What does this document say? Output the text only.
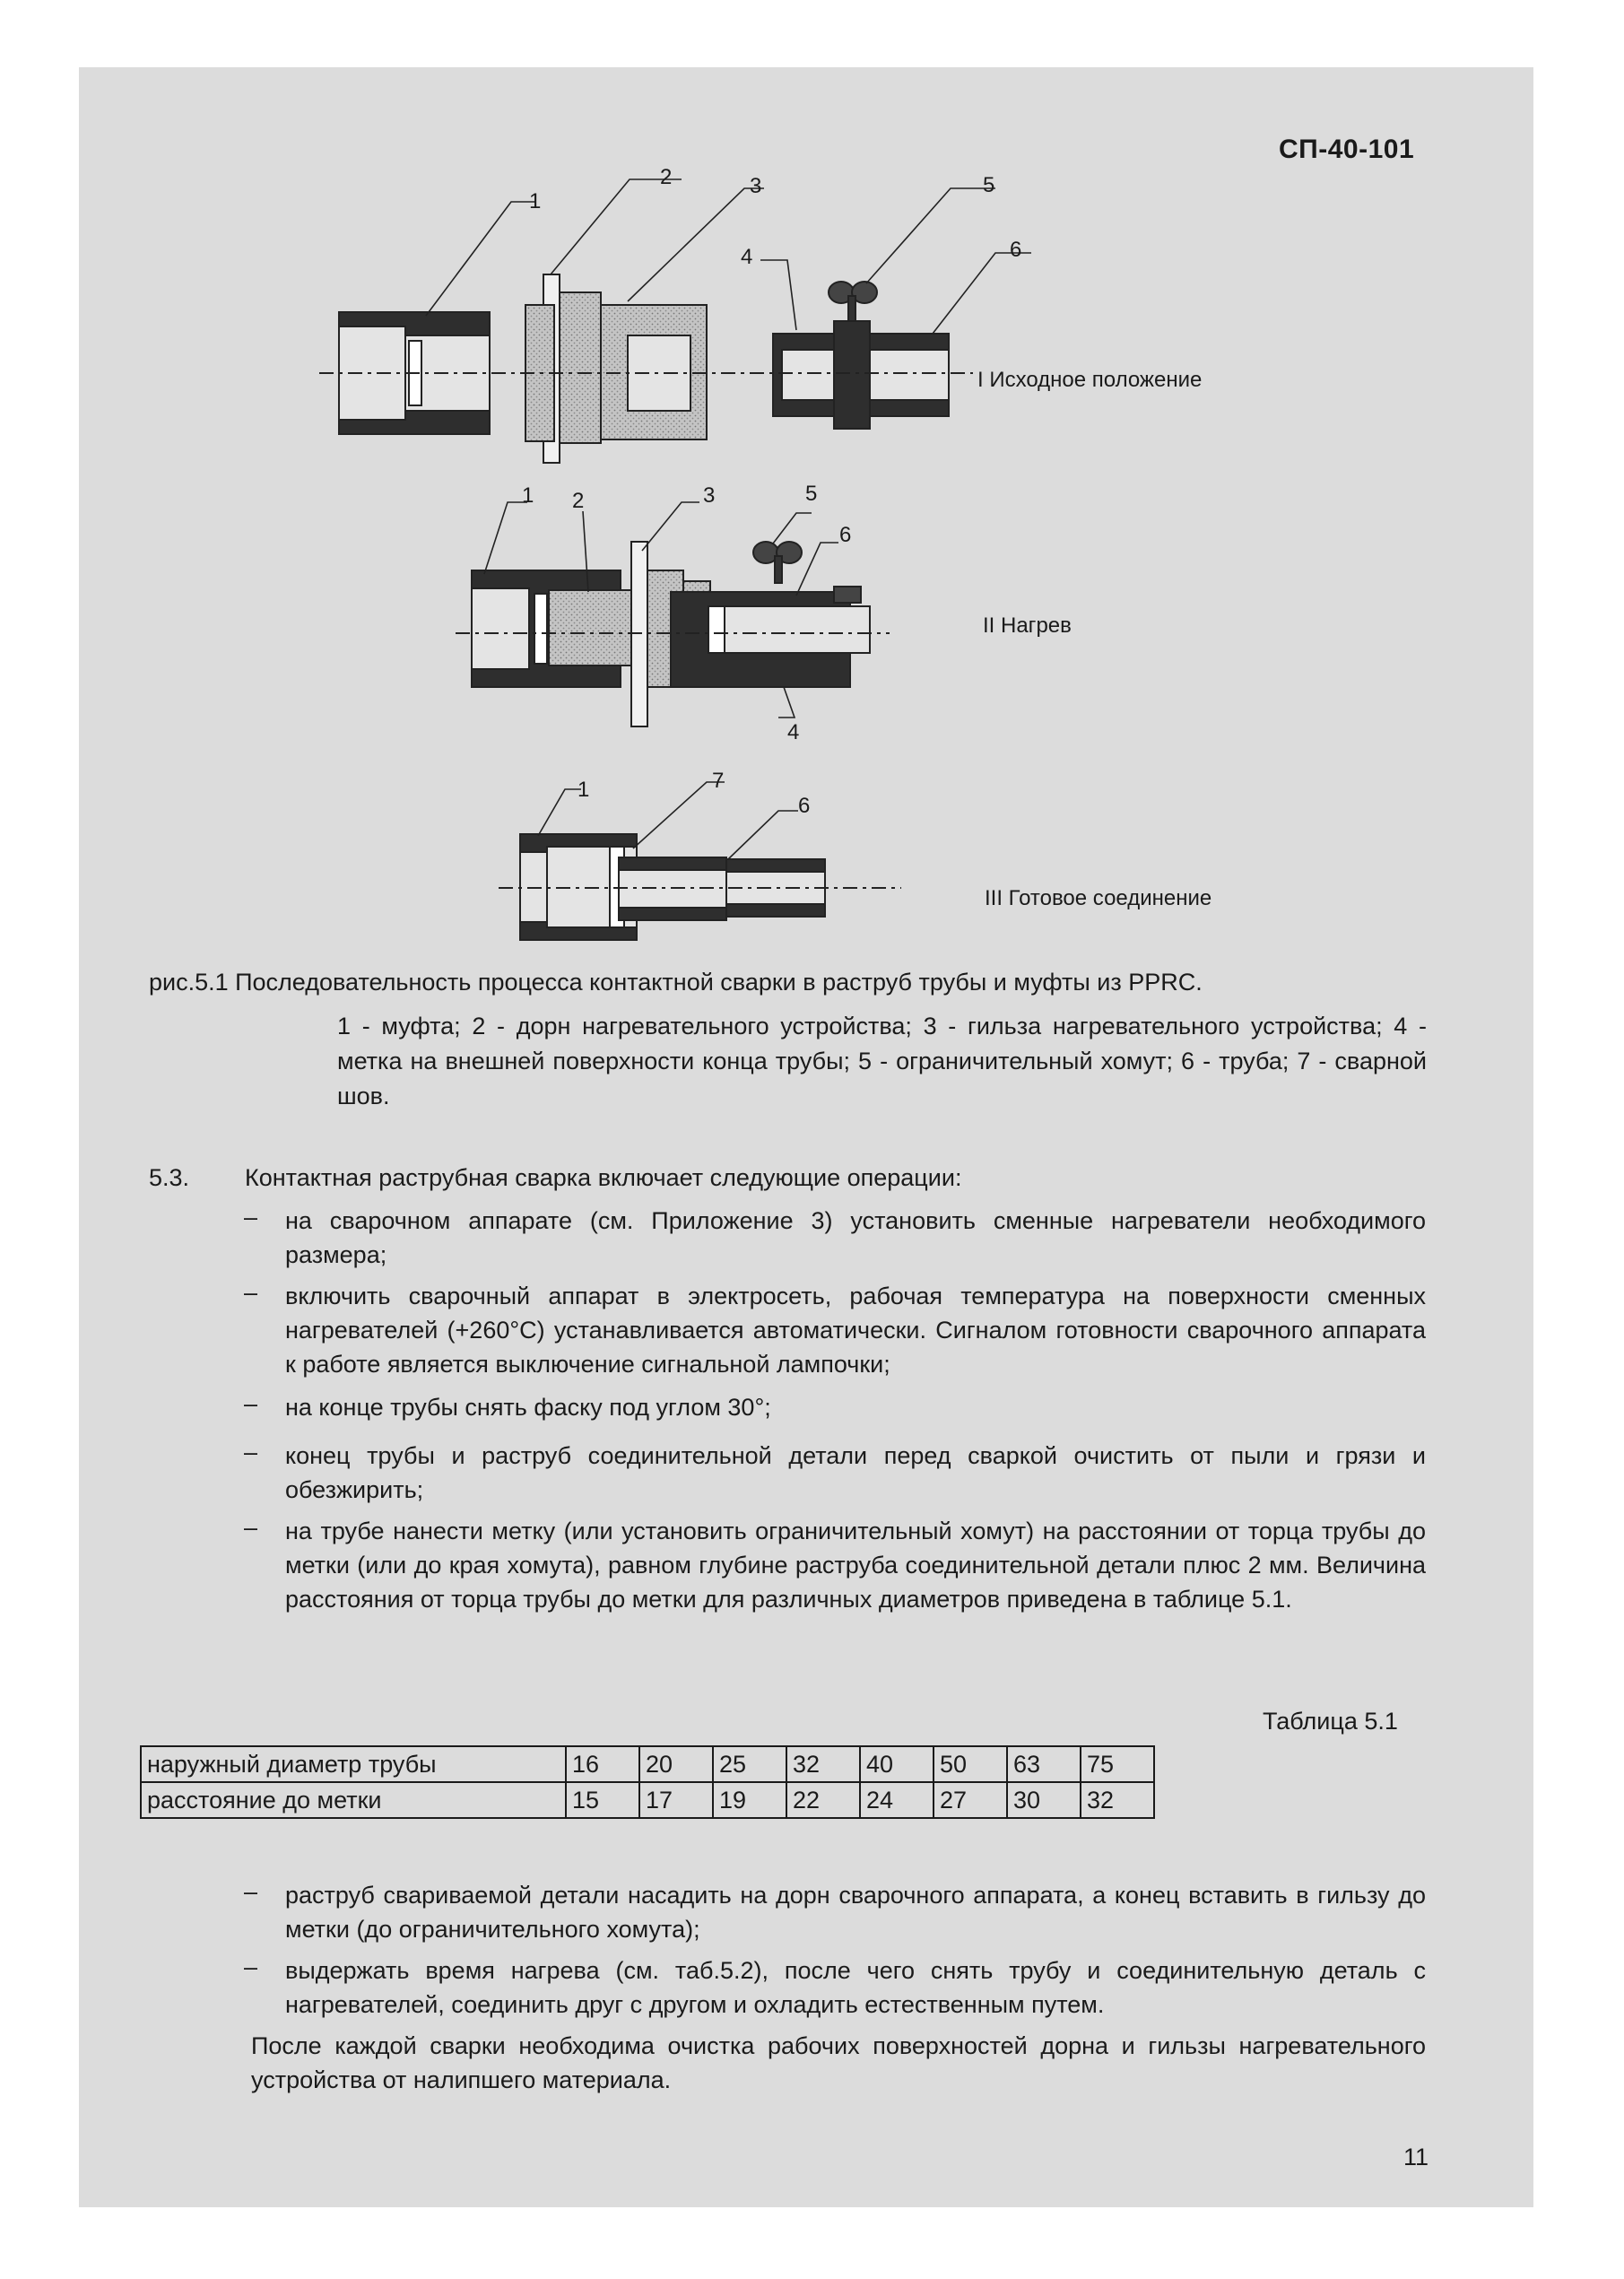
СП-40-101
1
2	3
4
5
6
1 2	3	5
6
4
1	7
6
I Исходное положение
II Нагрев
III Готовое соединение
рис.5.1 Последовательность процесса контактной сварки в раструб трубы и муфты из PPRC.
1 - муфта; 2 - дорн нагревательного устройства; 3 - гильза нагревательного устройства; 4 - метка на внешней поверхности конца трубы; 5 - ограничительный хомут; 6 - труба; 7 - сварной шов.
5.3. Контактная раструбная сварка включает следующие операции:
– на сварочном аппарате (см. Приложение 3) установить сменные нагреватели необходимого размера;
– включить сварочный аппарат в электросеть, рабочая температура на поверхности сменных нагревателей (+260°С) устанавливается автоматически. Сигналом готовности сварочного аппарата к работе является выключение сигнальной лампочки;
– на конце трубы снять фаску под углом 30°;
– конец трубы и раструб соединительной детали перед сваркой очистить от пыли и грязи и обезжирить;
– на трубе нанести метку (или установить ограничительный хомут) на расстоянии от торца трубы до метки (или до края хомута), равном глубине раструба соединительной детали плюс 2 мм. Величина расстояния от торца трубы до метки для различных диаметров приведена в таблице 5.1.
Таблица 5.1
наружный диаметр трубы	16	20	25	32	40	50	63	75
расстояние до метки	15	17	19	22	24	27	30	32
– раструб свариваемой детали насадить на дорн сварочного аппарата, а конец вставить в гильзу до метки (до ограничительного хомута);
– выдержать время нагрева (см. таб.5.2), после чего снять трубу и соединительную деталь с нагревателей, соединить друг с другом и охладить естественным путем.
После каждой сварки необходима очистка рабочих поверхностей дорна и гильзы нагревательного устройства от налипшего материала.
11
